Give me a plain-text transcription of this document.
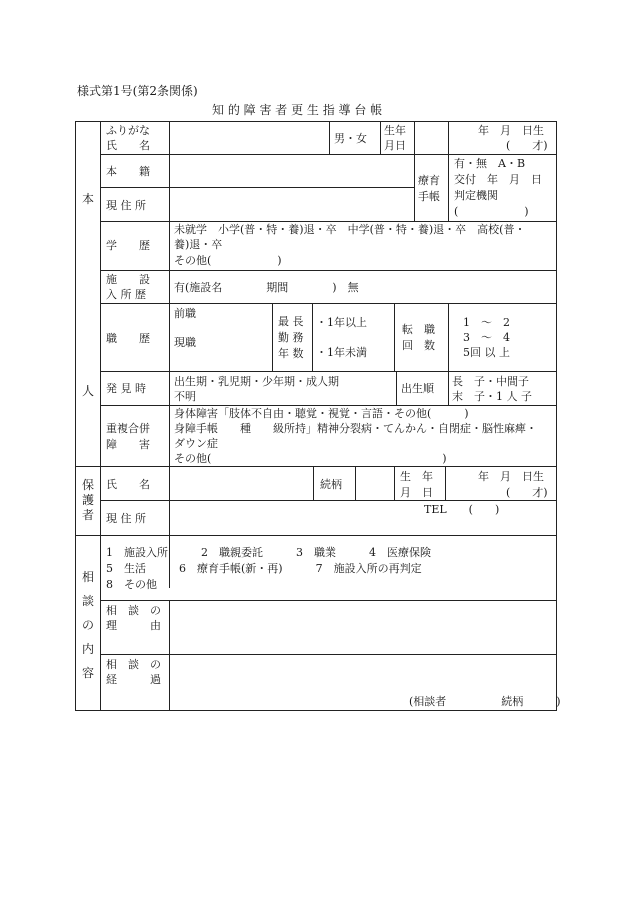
様式第1号(第2条関係)
知 的 障 害 者 更 生 指 導 台 帳
本
人
ふりがな
氏　　名
男・女
生年
月日
年　月　日生
(　　才)
本　　籍
現 住 所
療育
手帳
有・無　A・B
交付　年　月　日
判定機関
(　　　　　　)
学　　歴
未就学　小学(普・特・養)退・卒　中学(普・特・養)退・卒　高校(普・
養)退・卒
その他(　　　　　　)
施　　設
入 所 歴
有(施設名　　　　期間　　　　)　無
職　　歴
前職
現職
最 長
勤 務
年 数
・1年以上
・1年未満
転　職
回　数
1　～　2
3　～　4
5回 以 上
発 見 時
出生期・乳児期・少年期・成人期
不明
出生順
長　子・中間子
末　子・1 人 子
重複合併
障　　害
身体障害「肢体不自由・聴覚・視覚・言語・その他(　　　)
身障手帳　　種　　級所持」精神分裂病・てんかん・自閉症・脳性麻痺・
ダウン症
その他(　　　　　　　　　　　　　　　　　　　　　)
保
護
者
氏　　名	続柄
生　年
月　日
年　月　日生
(　　才)
現 住 所
TEL　　(　　)
相
談
の
内
容
1　施設入所　　　2　職親委託　　　3　職業　　　4　医療保険
5　生活　　　6　療育手帳(新・再)　　　7　施設入所の再判定
8　その他
相　談　の
理　　　由
相　談　の
経　　　過
(相談者　　　　　続柄　　　)
